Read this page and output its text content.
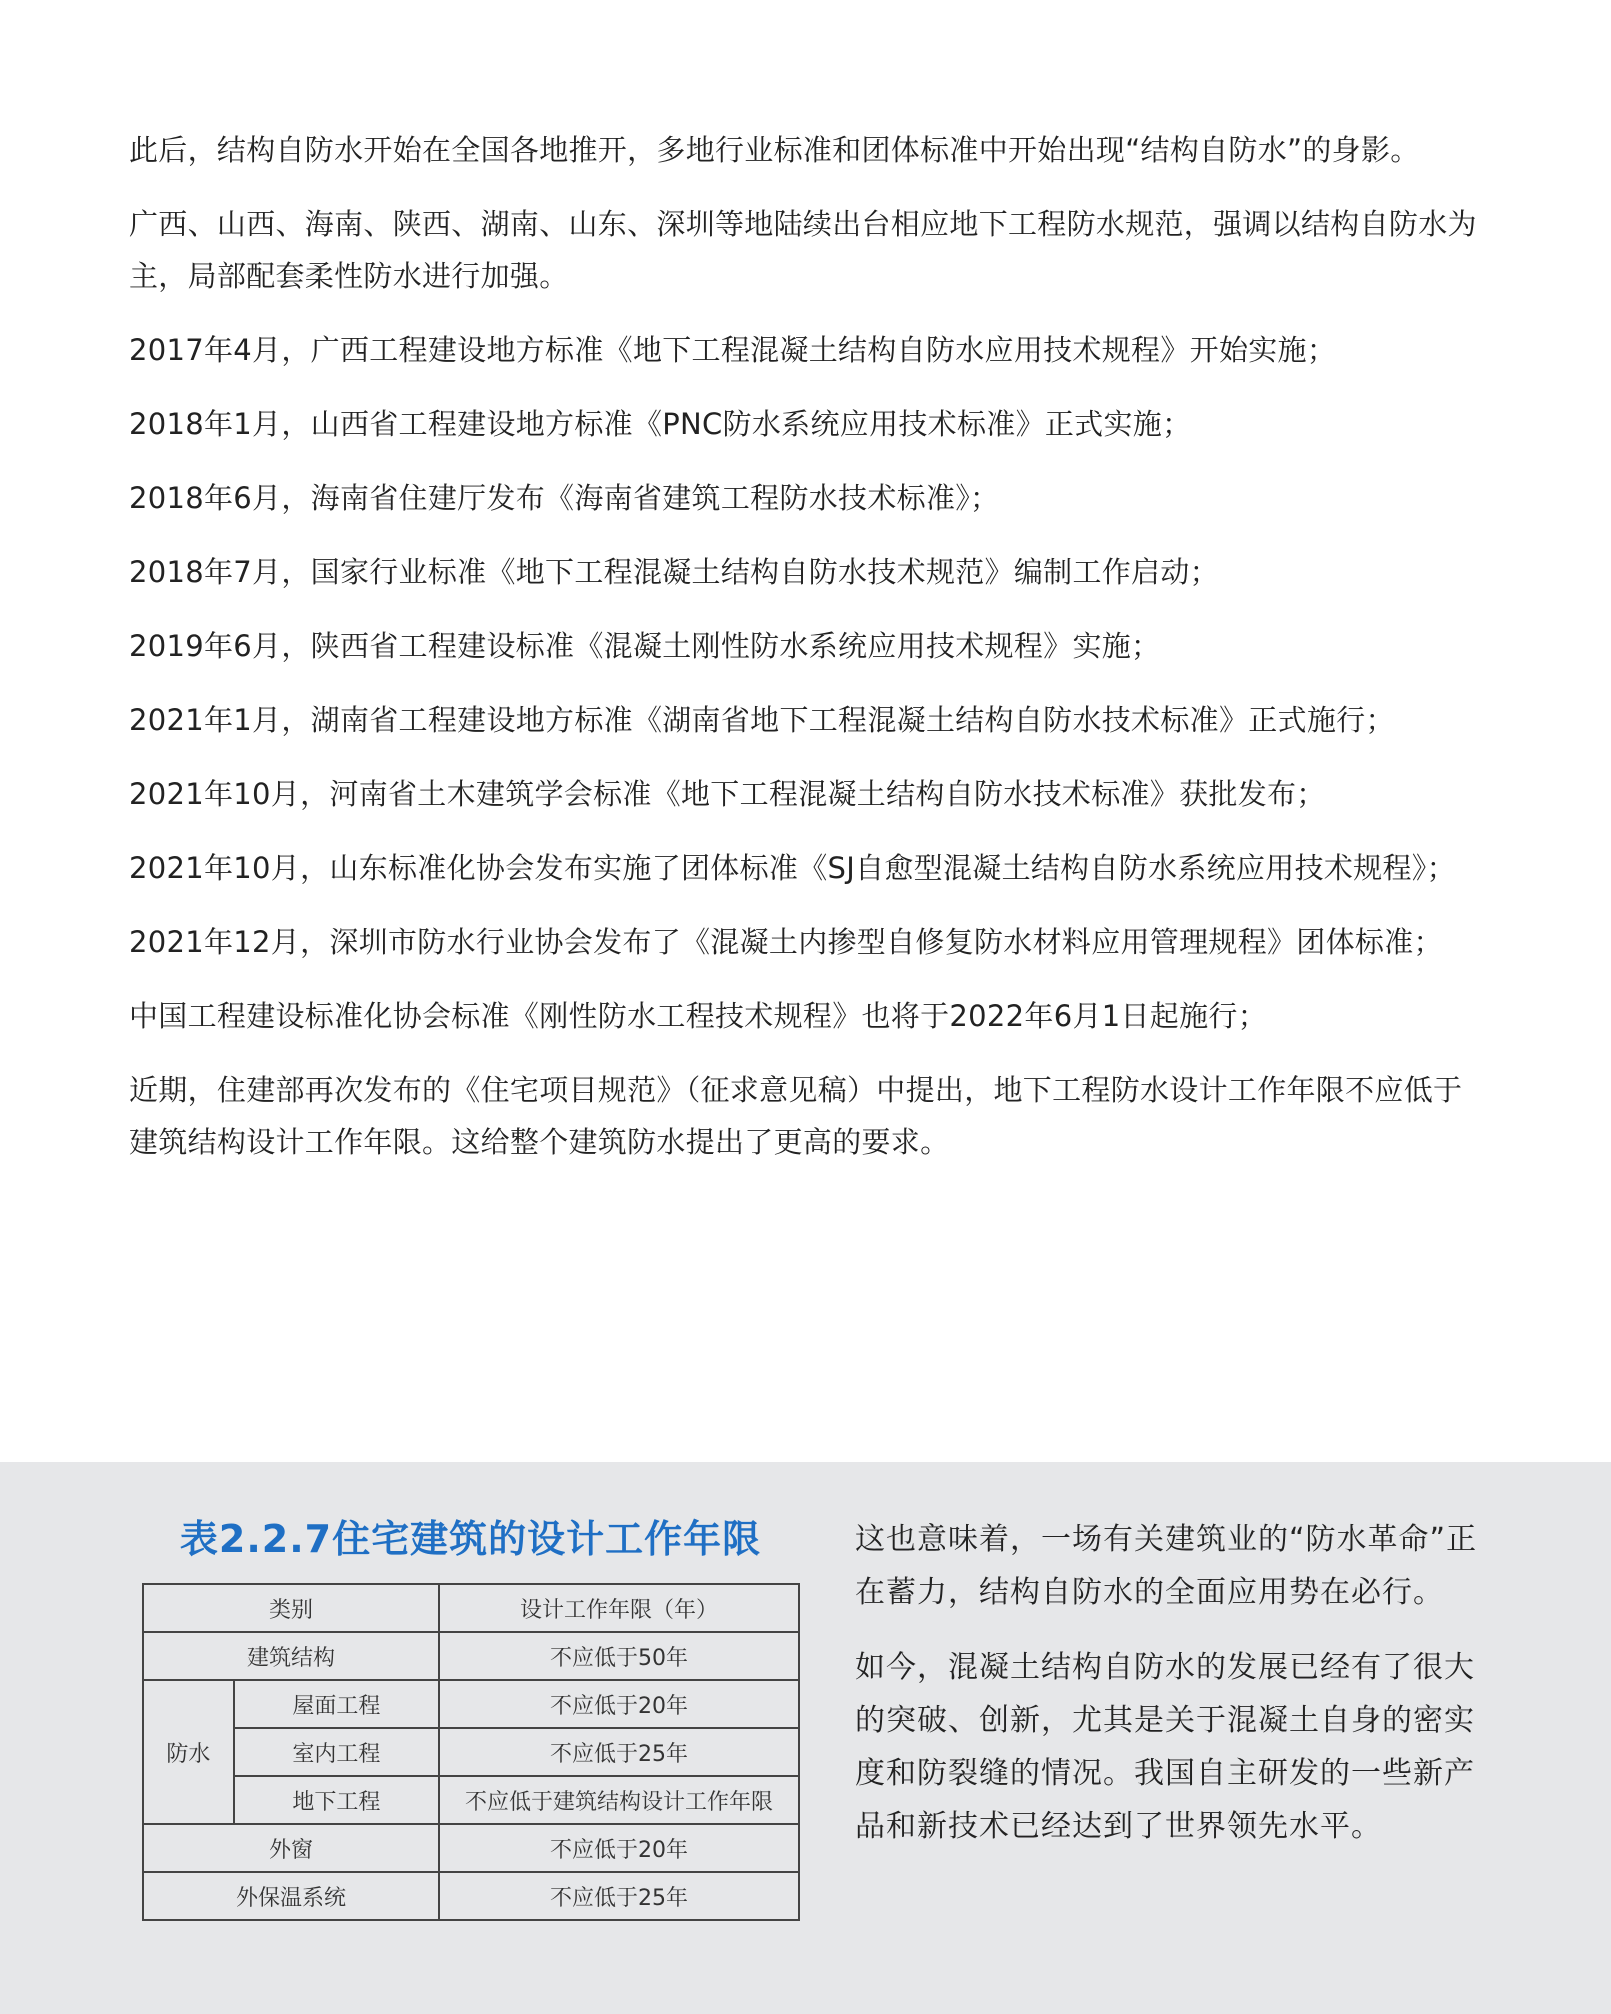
此后，结构自防水开始在全国各地推开，多地行业标准和团体标准中开始出现“结构自防水”的身影。

广西、山西、海南、陕西、湖南、山东、深圳等地陆续出台相应地下工程防水规范，强调以结构自防水为主，局部配套柔性防水进行加强。

2017年4月，广西工程建设地方标准《地下工程混凝土结构自防水应用技术规程》开始实施；

2018年1月，山西省工程建设地方标准《PNC防水系统应用技术标准》正式实施；

2018年6月，海南省住建厅发布《海南省建筑工程防水技术标准》；

2018年7月，国家行业标准《地下工程混凝土结构自防水技术规范》编制工作启动；

2019年6月，陕西省工程建设标准《混凝土刚性防水系统应用技术规程》实施；

2021年1月，湖南省工程建设地方标准《湖南省地下工程混凝土结构自防水技术标准》正式施行；

2021年10月，河南省土木建筑学会标准《地下工程混凝土结构自防水技术标准》获批发布；

2021年10月，山东标准化协会发布实施了团体标准《SJ自愈型混凝土结构自防水系统应用技术规程》；

2021年12月，深圳市防水行业协会发布了《混凝土内掺型自修复防水材料应用管理规程》团体标准；

中国工程建设标准化协会标准《刚性防水工程技术规程》也将于2022年6月1日起施行；

近期，住建部再次发布的《住宅项目规范》（征求意见稿）中提出，地下工程防水设计工作年限不应低于建筑结构设计工作年限。这给整个建筑防水提出了更高的要求。

表2.2.7住宅建筑的设计工作年限
类别		设计工作年限（年）
建筑结构		不应低于50年
防水	屋面工程	不应低于20年
	室内工程	不应低于25年
	地下工程	不应低于建筑结构设计工作年限
外窗		不应低于20年
外保温系统		不应低于25年

这也意味着，一场有关建筑业的“防水革命”正在蓄力，结构自防水的全面应用势在必行。

如今，混凝土结构自防水的发展已经有了很大的突破、创新，尤其是关于混凝土自身的密实度和防裂缝的情况。我国自主研发的一些新产品和新技术已经达到了世界领先水平。
